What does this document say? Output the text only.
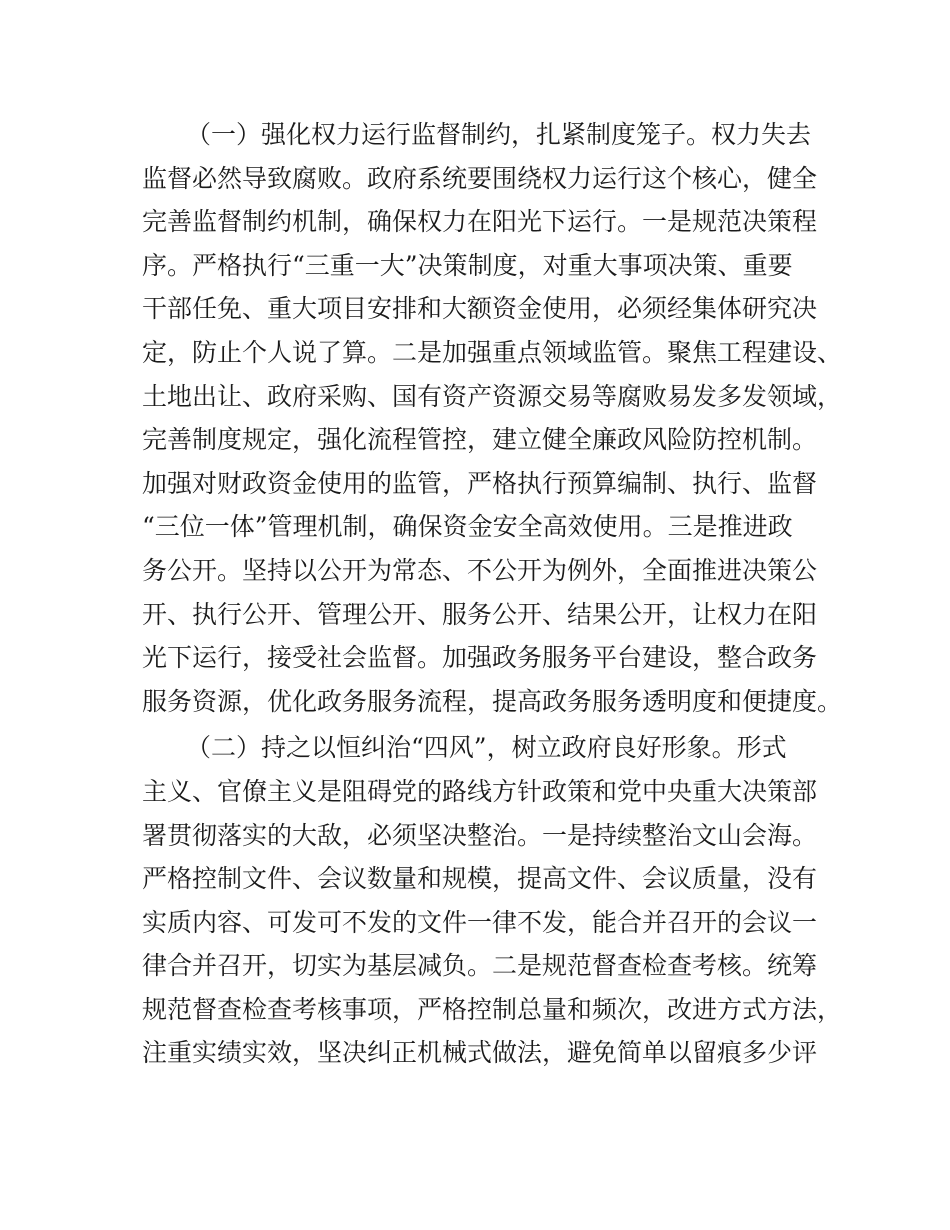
（一）强化权力运行监督制约，扎紧制度笼子。权力失去
监督必然导致腐败。政府系统要围绕权力运行这个核心，健全
完善监督制约机制，确保权力在阳光下运行。一是规范决策程
序。严格执行“三重一大”决策制度，对重大事项决策、重要
干部任免、重大项目安排和大额资金使用，必须经集体研究决
定，防止个人说了算。二是加强重点领域监管。聚焦工程建设、
土地出让、政府采购、国有资产资源交易等腐败易发多发领域，
完善制度规定，强化流程管控，建立健全廉政风险防控机制。
加强对财政资金使用的监管，严格执行预算编制、执行、监督
“三位一体”管理机制，确保资金安全高效使用。三是推进政
务公开。坚持以公开为常态、不公开为例外，全面推进决策公
开、执行公开、管理公开、服务公开、结果公开，让权力在阳
光下运行，接受社会监督。加强政务服务平台建设，整合政务
服务资源，优化政务服务流程，提高政务服务透明度和便捷度。
（二）持之以恒纠治“四风”，树立政府良好形象。形式
主义、官僚主义是阻碍党的路线方针政策和党中央重大决策部
署贯彻落实的大敌，必须坚决整治。一是持续整治文山会海。
严格控制文件、会议数量和规模，提高文件、会议质量，没有
实质内容、可发可不发的文件一律不发，能合并召开的会议一
律合并召开，切实为基层减负。二是规范督查检查考核。统筹
规范督查检查考核事项，严格控制总量和频次，改进方式方法，
注重实绩实效，坚决纠正机械式做法，避免简单以留痕多少评
